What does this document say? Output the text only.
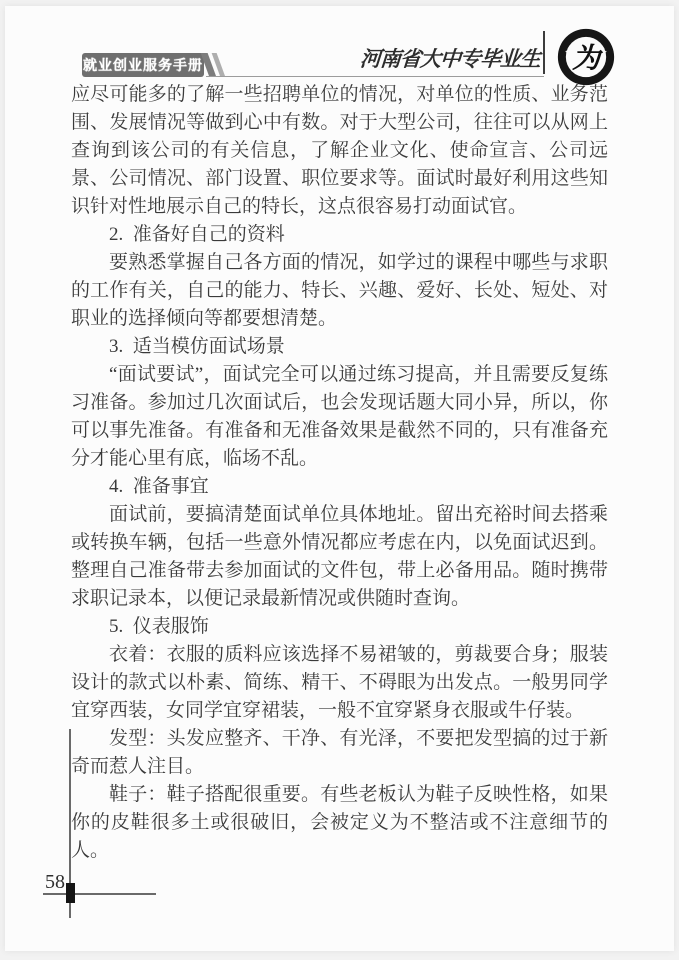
就业创业服务手册	河南省大中专毕业生 为

应尽可能多的了解一些招聘单位的情况，对单位的性质、业务范围、发展情况等做到心中有数。对于大型公司，往往可以从网上查询到该公司的有关信息，了解企业文化、使命宣言、公司远景、公司情况、部门设置、职位要求等。面试时最好利用这些知识针对性地展示自己的特长，这点很容易打动面试官。

2.  准备好自己的资料

要熟悉掌握自己各方面的情况，如学过的课程中哪些与求职的工作有关，自己的能力、特长、兴趣、爱好、长处、短处、对职业的选择倾向等都要想清楚。

3.  适当模仿面试场景

“面试要试”，面试完全可以通过练习提高，并且需要反复练习准备。参加过几次面试后，也会发现话题大同小异，所以，你可以事先准备。有准备和无准备效果是截然不同的，只有准备充分才能心里有底，临场不乱。

4.  准备事宜

面试前，要搞清楚面试单位具体地址。留出充裕时间去搭乘或转换车辆，包括一些意外情况都应考虑在内，以免面试迟到。整理自己准备带去参加面试的文件包，带上必备用品。随时携带求职记录本，以便记录最新情况或供随时查询。

5.  仪表服饰

衣着：衣服的质料应该选择不易裙皱的，剪裁要合身；服装设计的款式以朴素、简练、精干、不碍眼为出发点。一般男同学宜穿西装，女同学宜穿裙装，一般不宜穿紧身衣服或牛仔装。

发型：头发应整齐、干净、有光泽，不要把发型搞的过于新奇而惹人注目。

鞋子：鞋子搭配很重要。有些老板认为鞋子反映性格，如果你的皮鞋很多土或很破旧，会被定义为不整洁或不注意细节的人。

58
